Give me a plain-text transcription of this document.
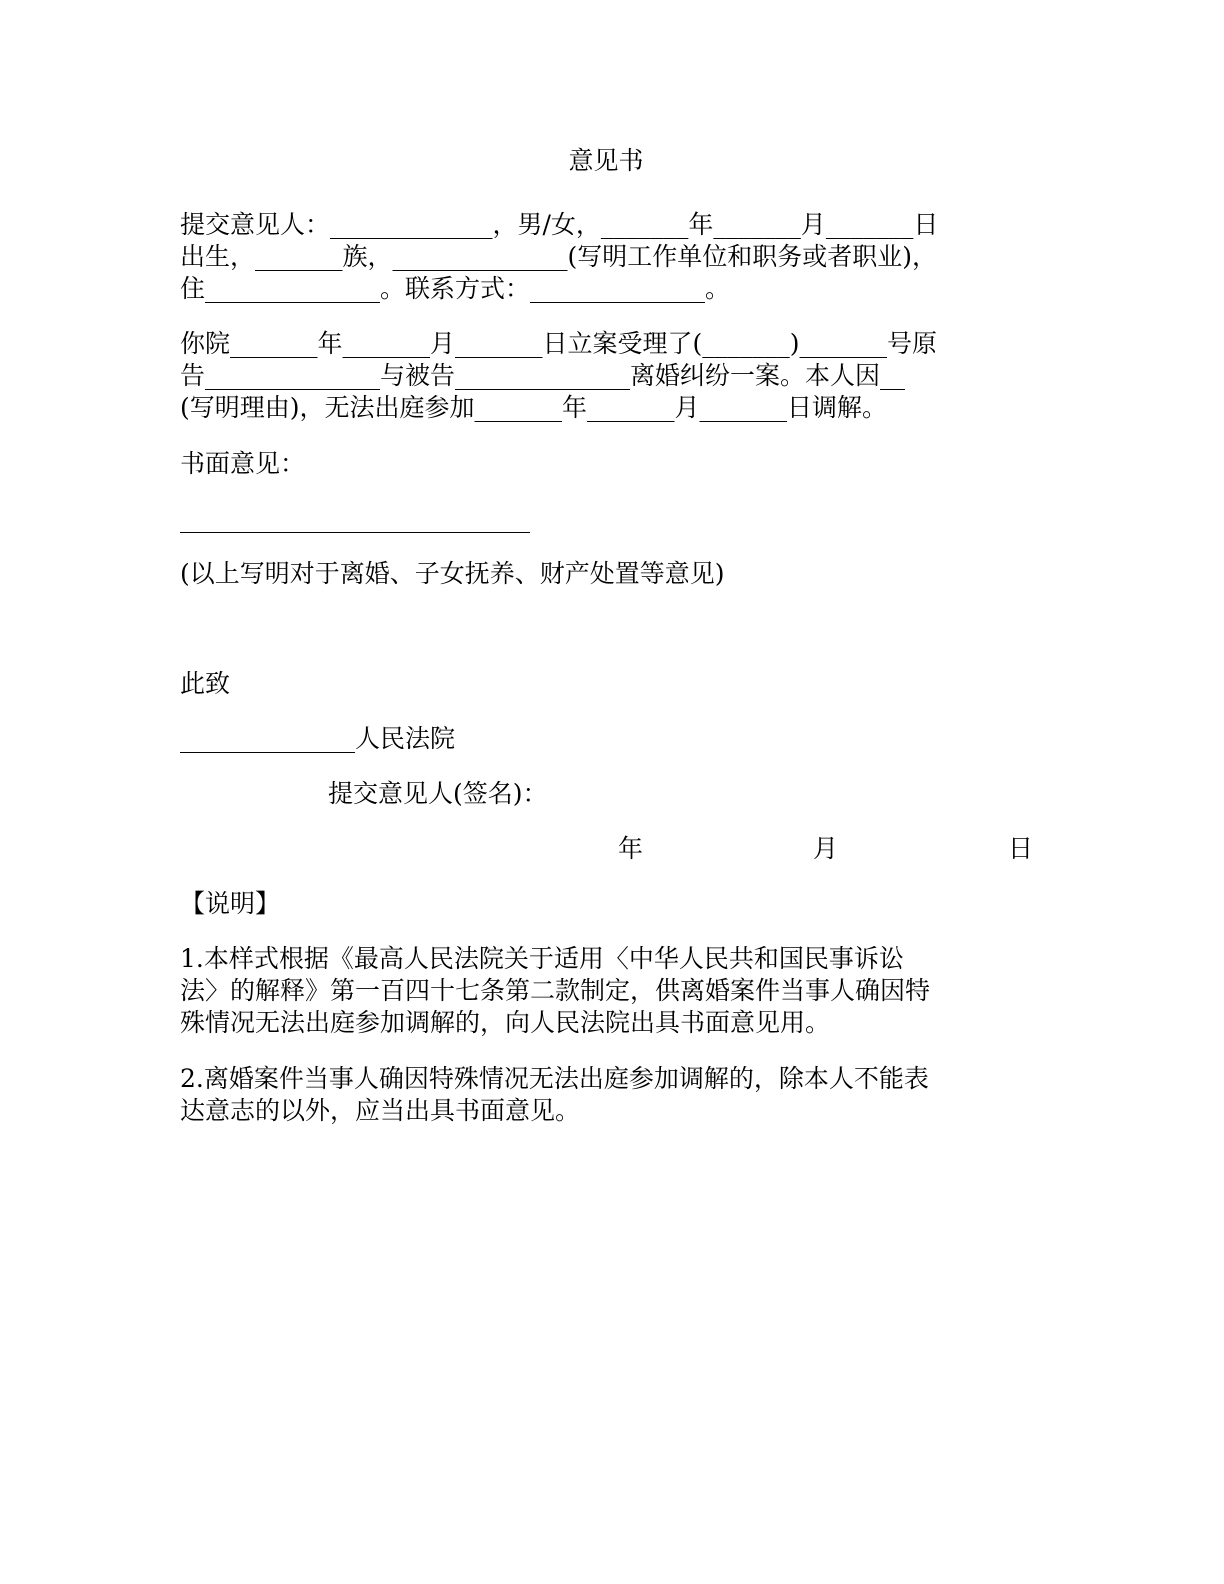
意见书

提交意见人：_____________，男/女，_______年_______月_______日

出生，_______族，______________(写明工作单位和职务或者职业)，

住______________。联系方式：______________。

你院_______年_______月_______日立案受理了(_______)_______号原

告______________与被告______________离婚纠纷一案。本人因__

(写明理由)，无法出庭参加_______年_______月_______日调解。

书面意见：

____________________________

(以上写明对于离婚、子女抚养、财产处置等意见)

此致

______________人民法院

提交意见人(签名)：

年	月	日

【说明】

1.本样式根据《最高人民法院关于适用〈中华人民共和国民事诉讼

法〉的解释》第一百四十七条第二款制定，供离婚案件当事人确因特

殊情况无法出庭参加调解的，向人民法院出具书面意见用。

2.离婚案件当事人确因特殊情况无法出庭参加调解的，除本人不能表

达意志的以外，应当出具书面意见。
